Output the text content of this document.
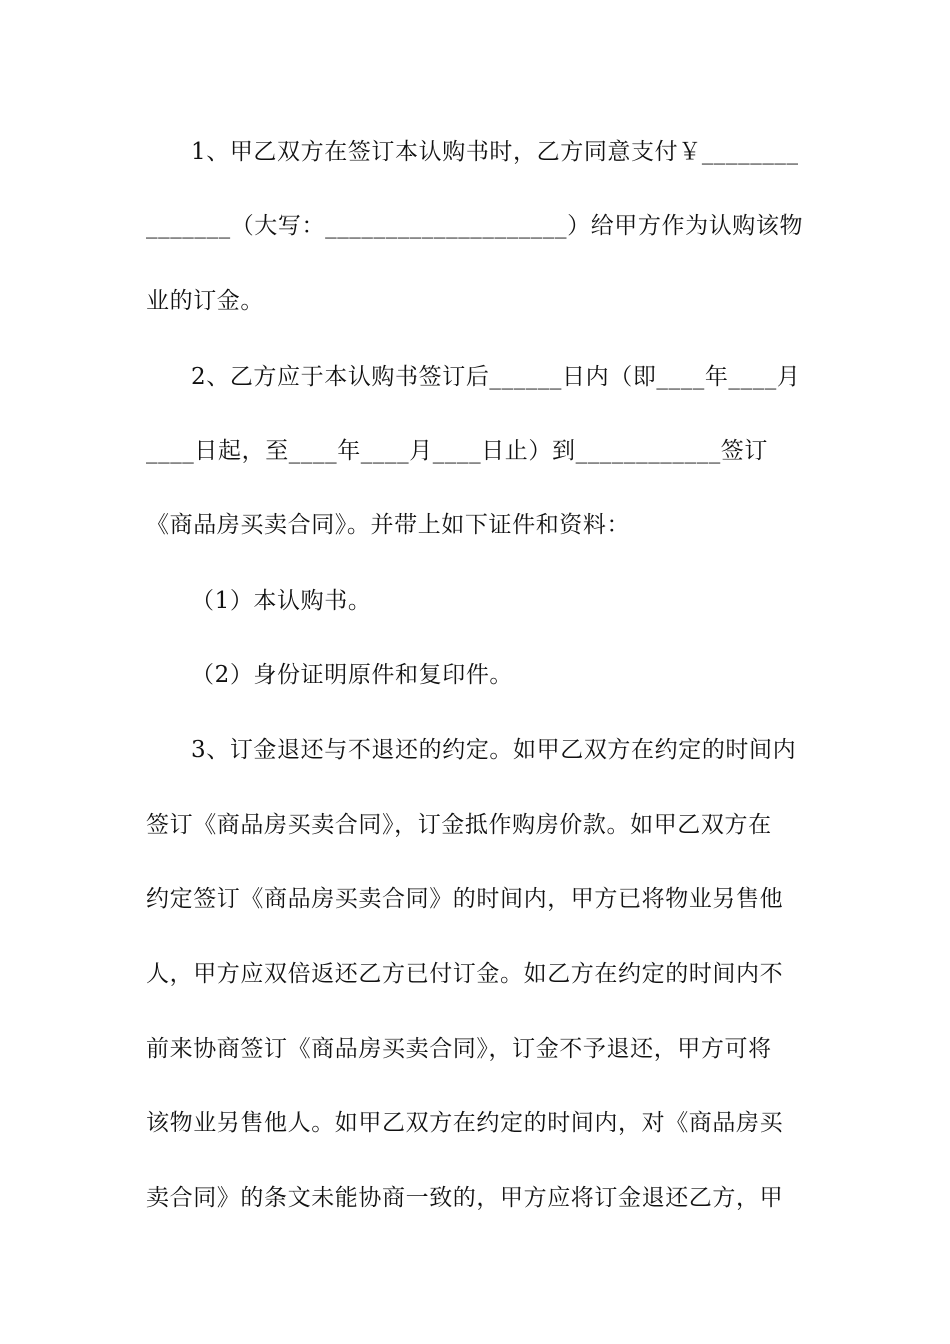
1、甲乙双方在签订本认购书时，乙方同意支付￥________
_______（大写：____________________）给甲方作为认购该物
业的订金。
2、乙方应于本认购书签订后______日内（即____年____月
____日起，至____年____月____日止）到____________签订
《商品房买卖合同》。并带上如下证件和资料：
（1）本认购书。
（2）身份证明原件和复印件。
3、订金退还与不退还的约定。如甲乙双方在约定的时间内
签订《商品房买卖合同》，订金抵作购房价款。如甲乙双方在
约定签订《商品房买卖合同》的时间内，甲方已将物业另售他
人，甲方应双倍返还乙方已付订金。如乙方在约定的时间内不
前来协商签订《商品房买卖合同》，订金不予退还，甲方可将
该物业另售他人。如甲乙双方在约定的时间内，对《商品房买
卖合同》的条文未能协商一致的，甲方应将订金退还乙方，甲
